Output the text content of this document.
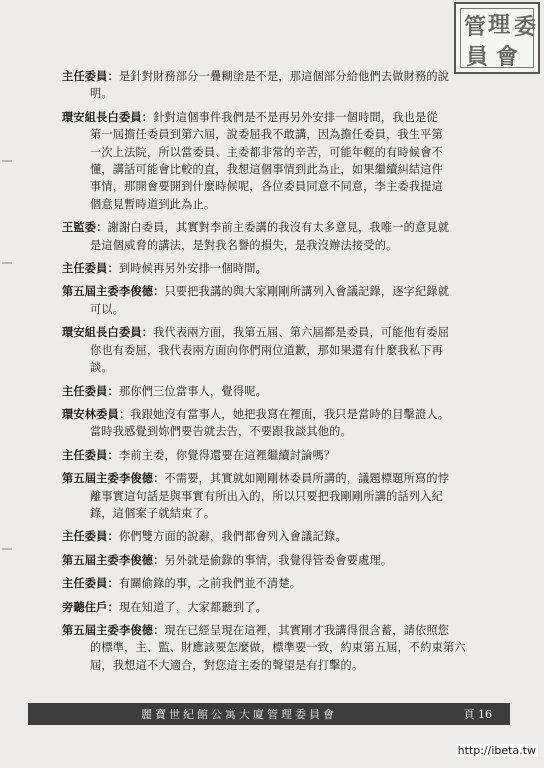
管 理 委
員 會
主任委員：是針對財務部分一疊糊塗是不是，那這個部分給他們去做財務的說
明。
環安組長白委員：針對這個事件我們是不是再另外安排一個時間，我也是從
第一屆擔任委員到第六屆，說委屈我不敢講，因為擔任委員，我生平第
一次上法院，所以當委員、主委都非常的辛苦，可能年輕的有時候會不
懂，講話可能會比較的直，我想這個事情到此為止，如果繼續糾結這件
事情，那開會要開到什麼時候呢，各位委員同意不同意，李主委我提這
個意見暫時道到此為止。
王監委：謝謝白委員，其實對李前主委講的我沒有太多意見，我唯一的意見就
是這個威脅的講法，是對我名譽的損失，是我沒辦法接受的。
主任委員：到時候再另外安排一個時間。
第五屆主委李俊德：只要把我講的與大家剛剛所講列入會議記錄，逐字紀錄就
可以。
環安組長白委員：我代表兩方面，我第五屆、第六屆都是委員，可能他有委屈
你也有委屈，我代表兩方面向你們兩位道歉，那如果還有什麼我私下再
談。
主任委員：那你們三位當事人，覺得呢。
環安林委員：我跟她沒有當事人，她把我寫在裡面，我只是當時的目擊證人。
當時我感覺到妳們要告就去告，不要跟我談其他的。
主任委員：李前主委，你覺得還要在這裡繼續討論嗎？
第五屆主委李俊德：不需要，其實就如剛剛林委員所講的，議題標題所寫的悖
離事實這句話是與事實有所出入的，所以只要把我剛剛所講的話列入紀
錄，這個案子就結束了。
主任委員：你們雙方面的說辭，我們都會列入會議記錄。
第五屆主委李俊德：另外就是偷錄的事情，我覺得管委會要處理。
主任委員：有關偷錄的事，之前我們並不清楚。
旁聽住戶：現在知道了，大家都聽到了。
第五屆主委李俊德：現在已經呈現在這裡，其實剛才我講得很含蓄，請依照您
的標準，主、監、財應該要怎麼做，標準要一致，約束第五屆，不約束第六
屆，我想這不大適合，對您這主委的聲望是有打擊的。
麗寶世紀館公寓大廈管理委員會	頁 16
http://ibeta.tw
